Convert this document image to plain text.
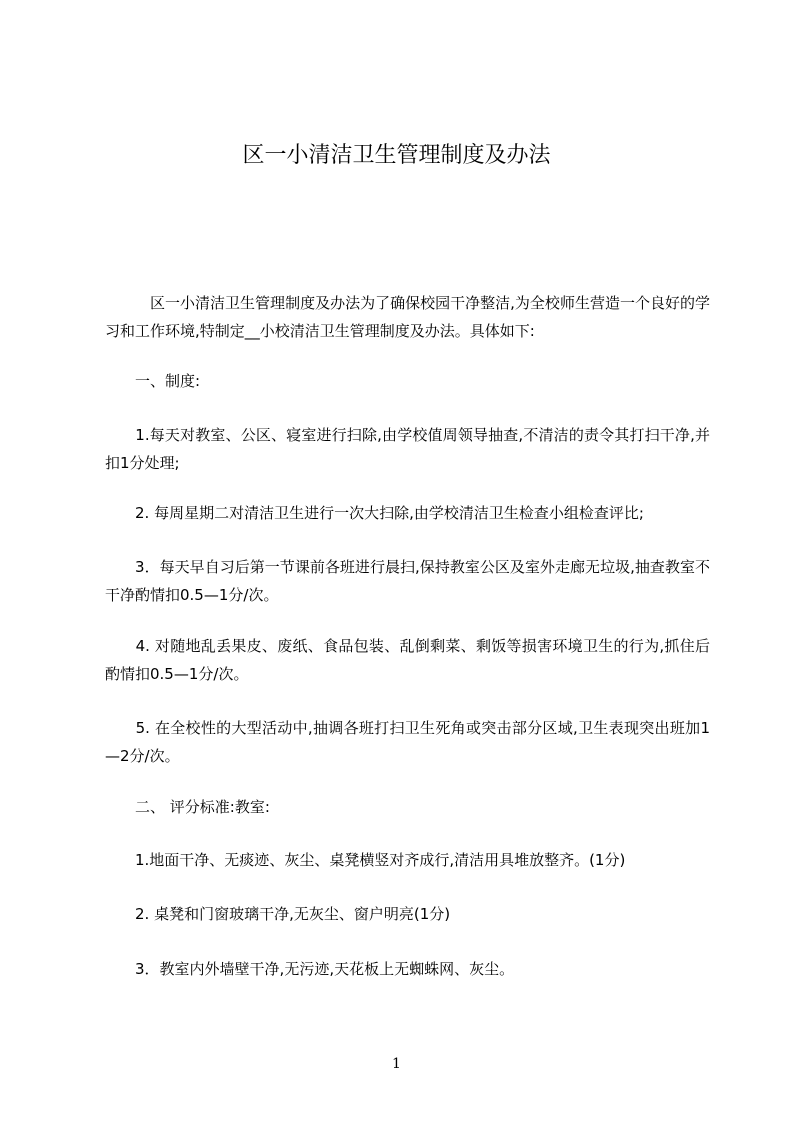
区一小清洁卫生管理制度及办法

　　　区一小清洁卫生管理制度及办法为了确保校园干净整洁,为全校师生营造一个良好的学习和工作环境,特制定__小校清洁卫生管理制度及办法。具体如下:

　　一、制度:

　　1.每天对教室、公区、寝室进行扫除,由学校值周领导抽查,不清洁的责令其打扫干净,并扣1分处理;

　　2. 每周星期二对清洁卫生进行一次大扫除,由学校清洁卫生检查小组检查评比;

　　3．每天早自习后第一节课前各班进行晨扫,保持教室公区及室外走廊无垃圾,抽查教室不干净酌情扣0.5—1分/次。

　　4. 对随地乱丢果皮、废纸、食品包装、乱倒剩菜、剩饭等损害环境卫生的行为,抓住后酌情扣0.5—1分/次。

　　5. 在全校性的大型活动中,抽调各班打扫卫生死角或突击部分区域,卫生表现突出班加1—2分/次。

　　二、 评分标准:教室:

　　1.地面干净、无痰迹、灰尘、桌凳横竖对齐成行,清洁用具堆放整齐。(1分)

　　2. 桌凳和门窗玻璃干净,无灰尘、窗户明亮(1分)

　　3．教室内外墙壁干净,无污迹,天花板上无蜘蛛网、灰尘。

1
